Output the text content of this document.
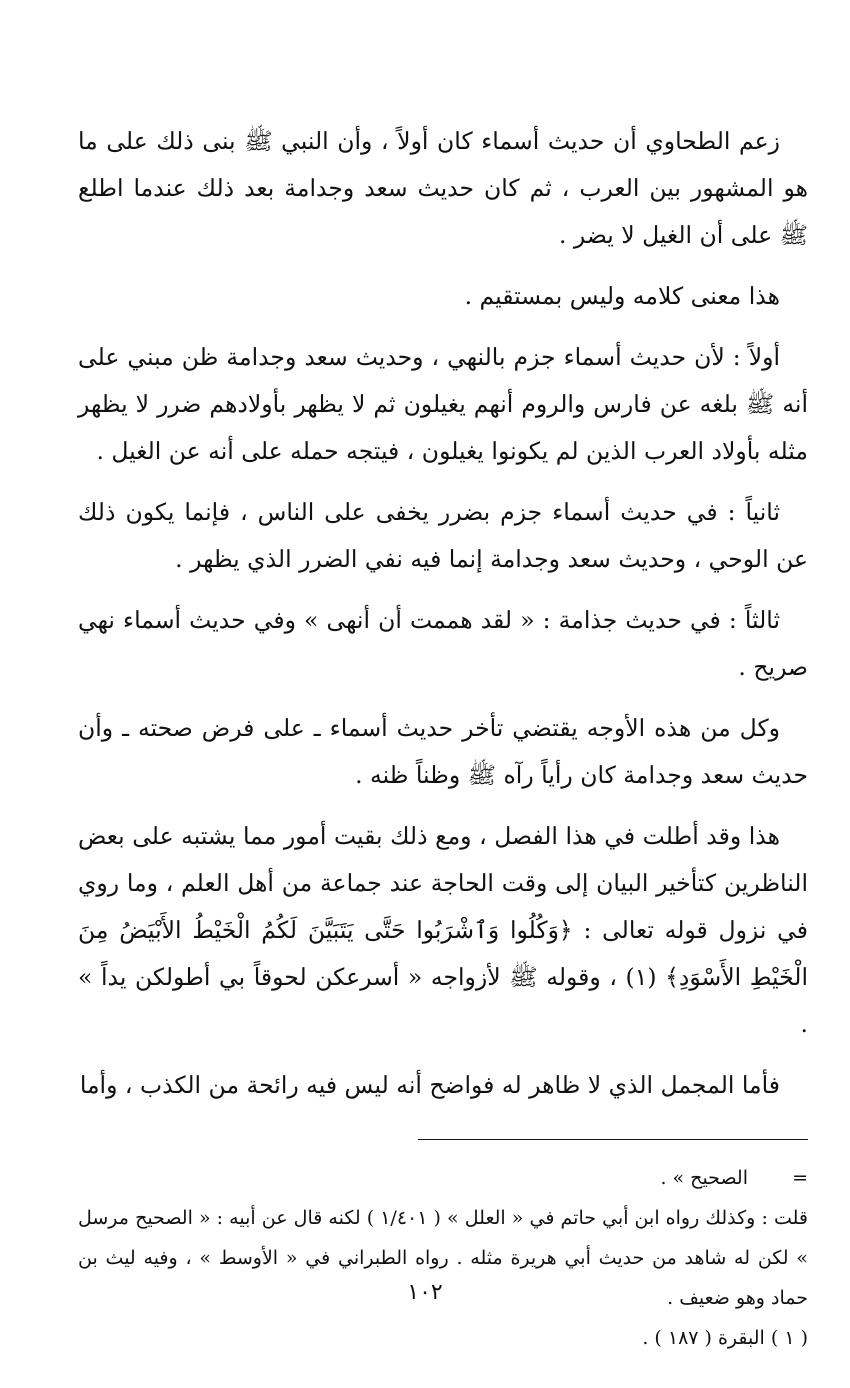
زعم الطحاوي أن حديث أسماء كان أولاً ، وأن النبي ﷺ بنى ذلك على ما هو المشهور بين العرب ، ثم كان حديث سعد وجدامة بعد ذلك عندما اطلع ﷺ على أن الغيل لا يضر .

هذا معنى كلامه وليس بمستقيم .

أولاً : لأن حديث أسماء جزم بالنهي ، وحديث سعد وجدامة ظن مبني على أنه ﷺ بلغه عن فارس والروم أنهم يغيلون ثم لا يظهر بأولادهم ضرر لا يظهر مثله بأولاد العرب الذين لم يكونوا يغيلون ، فيتجه حمله على أنه عن الغيل .

ثانياً : في حديث أسماء جزم بضرر يخفى على الناس ، فإنما يكون ذلك عن الوحي ، وحديث سعد وجدامة إنما فيه نفي الضرر الذي يظهر .

ثالثاً : في حديث جذامة : « لقد هممت أن أنهى » وفي حديث أسماء نهي صريح .

وكل من هذه الأوجه يقتضي تأخر حديث أسماء ـ على فرض صحته ـ وأن حديث سعد وجدامة كان رأياً رآه ﷺ وظناً ظنه .

هذا وقد أطلت في هذا الفصل ، ومع ذلك بقيت أمور مما يشتبه على بعض الناظرين كتأخير البيان إلى وقت الحاجة عند جماعة من أهل العلم ، وما روي في نزول قوله تعالى : ﴿وَكُلُوا وَٱشْرَبُوا حَتَّى يَتَبَيَّنَ لَكُمُ الْخَيْطُ الأَبْيَضُ مِنَ الْخَيْطِ الأَسْوَدِ﴾ (١) ، وقوله ﷺ لأزواجه « أسرعكن لحوقاً بي أطولكن يداً » .

فأما المجمل الذي لا ظاهر له فواضح أنه ليس فيه رائحة من الكذب ، وأما

=الصحيح » .

قلت : وكذلك رواه ابن أبي حاتم في « العلل » ( ١/٤٠١ ) لكنه قال عن أبيه : « الصحيح مرسل » لكن له شاهد من حديث أبي هريرة مثله . رواه الطبراني في « الأوسط » ، وفيه ليث بن حماد وهو ضعيف .

( ١ ) البقرة ( ١٨٧ ) .

١٠٢
